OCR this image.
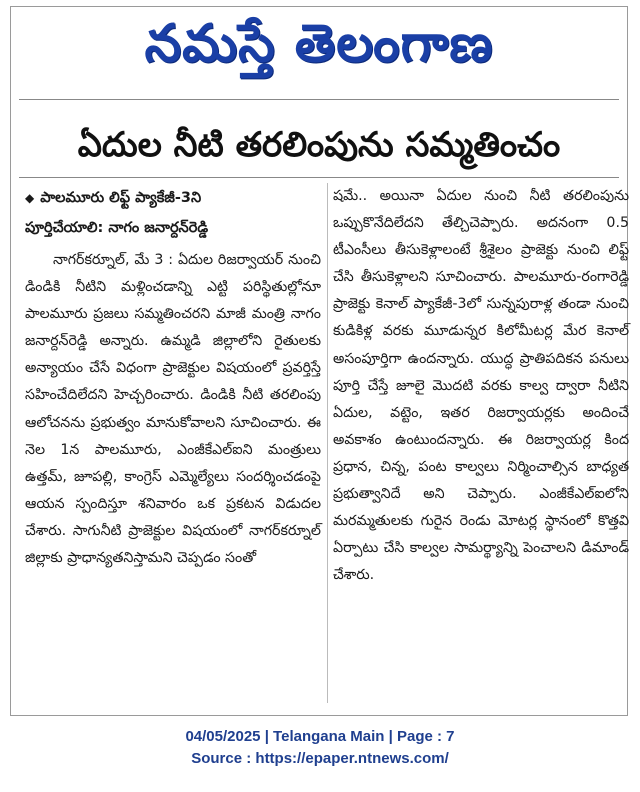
నమస్తే తెలంగాణ
ఏదుల నీటి తరలింపును సమ్మతించం
◆ పాలమూరు లిఫ్ట్ ప్యాకేజీ-3ని
పూర్తిచేయాలి: నాగం జనార్దన్‌రెడ్డి

నాగర్‌కర్నూల్, మే 3 : ఏదుల రిజర్వాయర్ నుంచి డిండికి నీటిని మళ్లించడాన్ని ఎట్టి పరిస్థితుల్లోనూ పాలమూరు ప్రజలు సమ్మతించరని మాజీ మంత్రి నాగం జనార్దన్‌రెడ్డి అన్నారు. ఉమ్మడి జిల్లాలోని రైతులకు అన్యాయం చేసే విధంగా ప్రాజెక్టుల విషయంలో ప్రవర్తిస్తే సహించేదిలేదని హెచ్చరించారు. డిండికి నీటి తరలింపు ఆలోచనను ప్రభుత్వం మానుకోవాలని సూచించారు. ఈ నెల 1న పాలమూరు, ఎంజీకేఎల్‌ఐని మంత్రులు ఉత్తమ్, జూపల్లి, కాంగ్రెస్ ఎమ్మెల్యేలు సందర్శించడంపై ఆయన స్పందిస్తూ శనివారం ఒక ప్రకటన విడుదల చేశారు. సాగునీటి ప్రాజెక్టుల విషయంలో నాగర్‌కర్నూల్ జిల్లాకు ప్రాధాన్యతనిస్తామని చెప్పడం సంతో

షమే.. అయినా ఏదుల నుంచి నీటి తరలింపును ఒప్పుకొనేదిలేదని తేల్చిచెప్పారు. అదనంగా 0.5 టీఎంసీలు తీసుకెళ్లాలంటే శ్రీశైలం ప్రాజెక్టు నుంచి లిఫ్ట్ చేసి తీసుకెళ్లాలని సూచించారు. పాలమూరు-రంగారెడ్డి ప్రాజెక్టు కెనాల్ ప్యాకేజీ-3లో సున్నపురాళ్ల తండా నుంచి కుడికిళ్ల వరకు మూడున్నర కిలోమీటర్ల మేర కెనాల్ అసంపూర్తిగా ఉందన్నారు. యుద్ధ ప్రాతిపదికన పనులు పూర్తి చేస్తే జూలై మొదటి వరకు కాల్వ ద్వారా నీటిని ఏదుల, వట్టెం, ఇతర రిజర్వాయర్లకు అందించే అవకాశం ఉంటుందన్నారు. ఈ రిజర్వాయర్ల కింద ప్రధాన, చిన్న, పంట కాల్వలు నిర్మించాల్సిన బాధ్యత ప్రభుత్వానిదే అని చెప్పారు. ఎంజీకేఎల్‌ఐలోని మరమ్మతులకు గురైన రెండు మోటర్ల స్థానంలో కొత్తవి ఏర్పాటు చేసి కాల్వల సామర్థ్యాన్ని పెంచాలని డిమాండ్ చేశారు.

04/05/2025 | Telangana Main | Page : 7
Source : https://epaper.ntnews.com/
